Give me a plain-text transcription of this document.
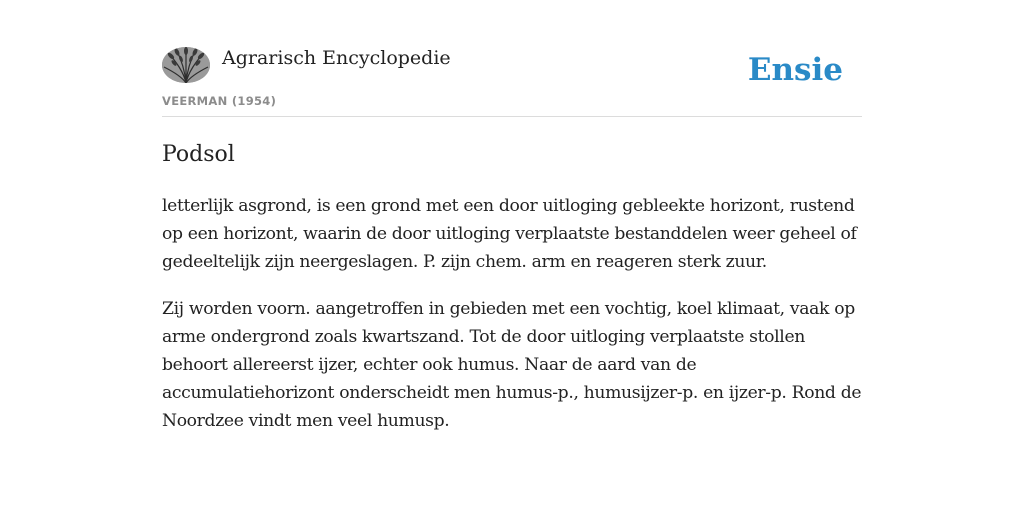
Agrarisch Encyclopedie
VEERMAN (1954)
Ensie
Podsol

letterlijk asgrond, is een grond met een door uitloging gebleekte horizont, rustend op een horizont, waarin de door uitloging verplaatste bestanddelen weer geheel of gedeeltelijk zijn neergeslagen. P. zijn chem. arm en reageren sterk zuur.

Zij worden voorn. aangetroffen in gebieden met een vochtig, koel klimaat, vaak op arme ondergrond zoals kwartszand. Tot de door uitloging verplaatste stollen behoort allereerst ijzer, echter ook humus. Naar de aard van de accumulatiehorizont onderscheidt men humus-p., humusijzer-p. en ijzer-p. Rond de Noordzee vindt men veel humusp.
